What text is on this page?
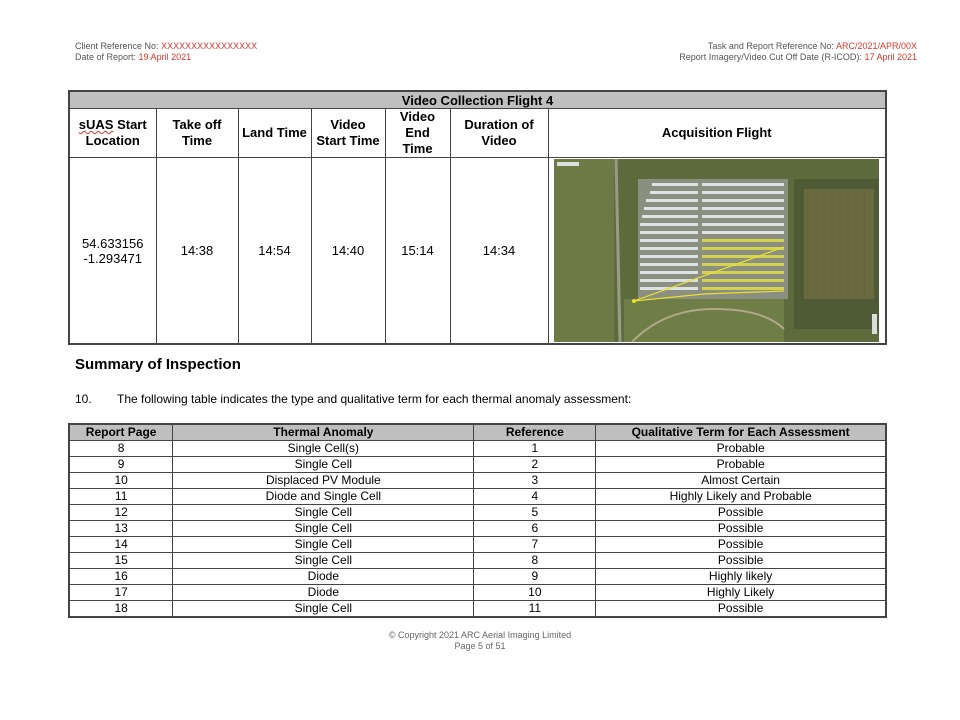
Client Reference No: XXXXXXXXXXXXXXXX
Date of Report: 19 April 2021
Task and Report Reference No: ARC/2021/APR/00X
Report Imagery/Video Cut Off Date (R-ICOD): 17 April 2021
Video Collection Flight 4						
sUAS Start Location	Take off Time	Land Time	Video Start Time	Video End Time	Duration of Video	Acquisition Flight

54.633156
-1.293471	14:38	14:54	14:40	15:14	14:34	
Summary of Inspection
10. The following table indicates the type and qualitative term for each thermal anomaly assessment:
Report Page	Thermal Anomaly	Reference	Qualitative Term for Each Assessment
8	Single Cell(s)	1	Probable
9	Single Cell	2	Probable
10	Displaced PV Module	3	Almost Certain
11	Diode and Single Cell	4	Highly Likely and Probable
12	Single Cell	5	Possible
13	Single Cell	6	Possible
14	Single Cell	7	Possible
15	Single Cell	8	Possible
16	Diode	9	Highly likely
17	Diode	10	Highly Likely
18	Single Cell	11	Possible
© Copyright 2021 ARC Aerial Imaging Limited
Page 5 of 51
